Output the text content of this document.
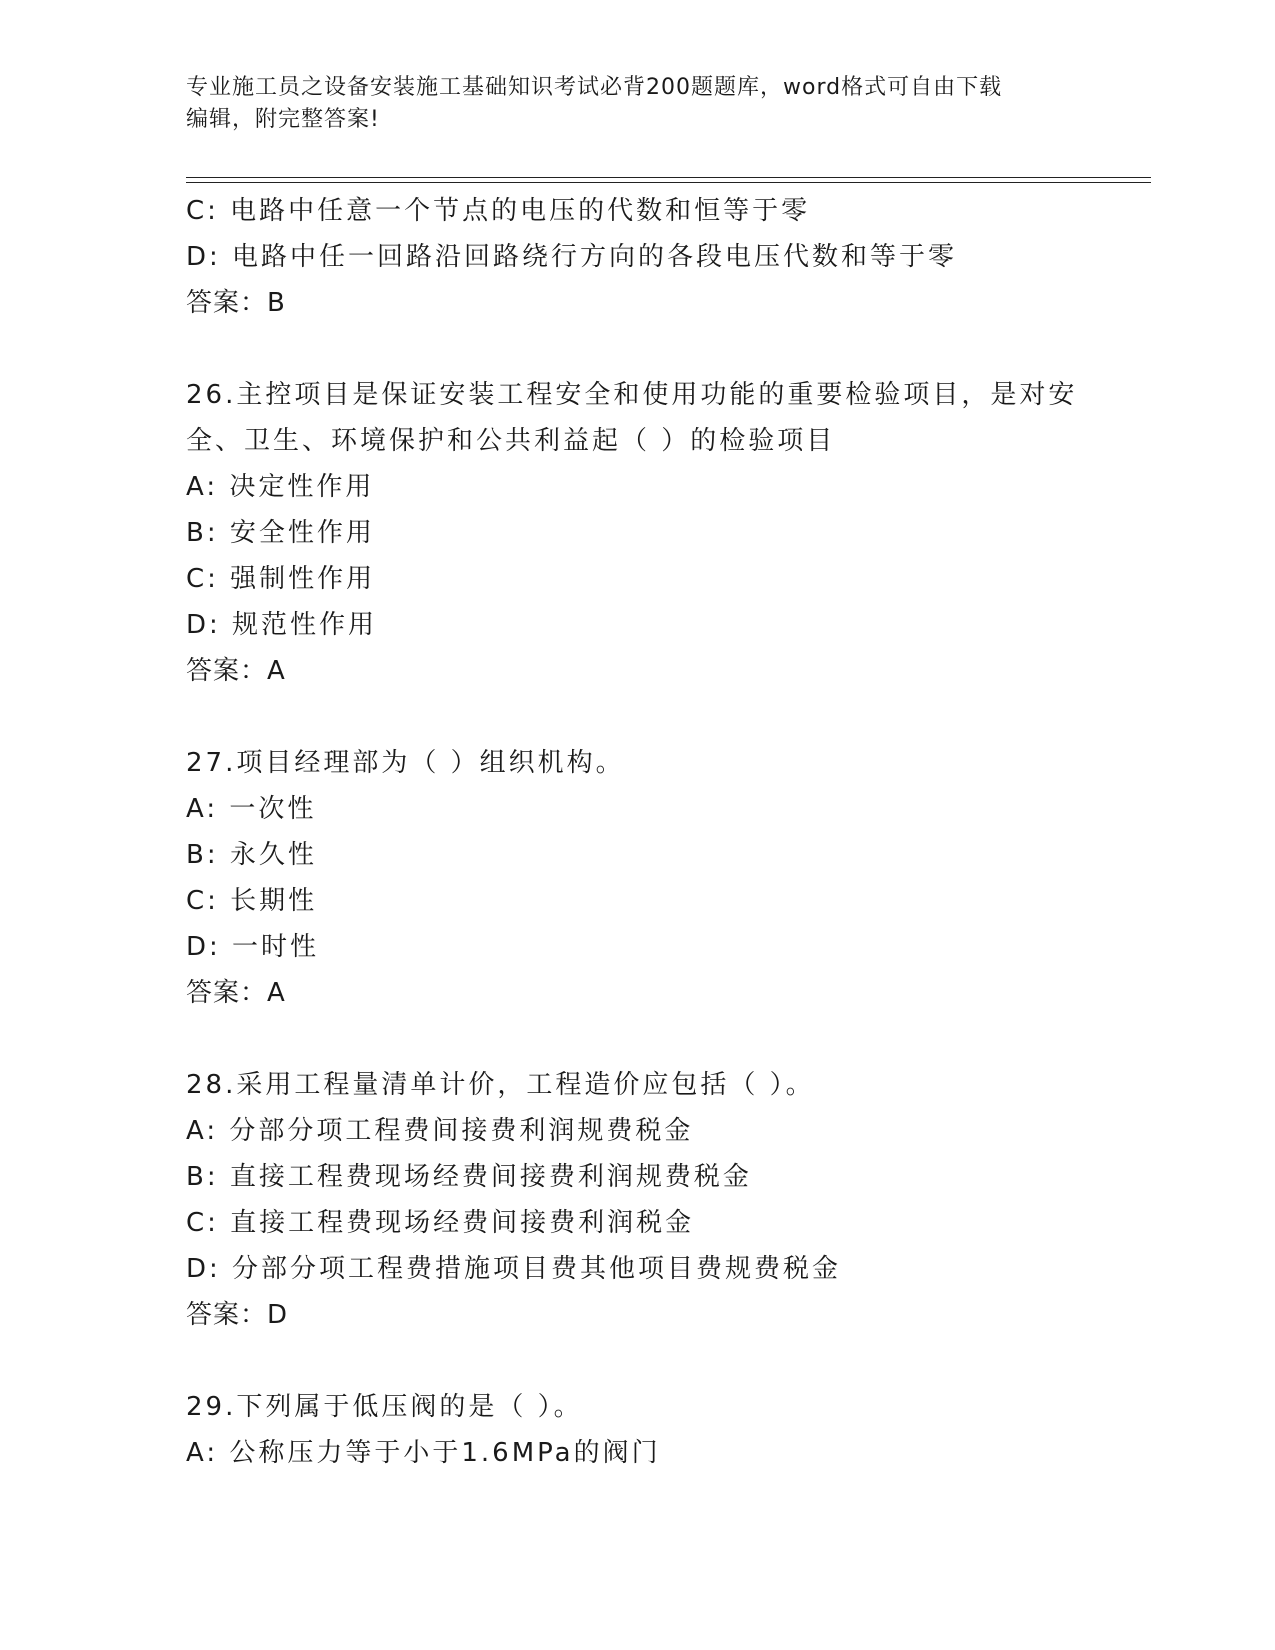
专业施工员之设备安装施工基础知识考试必背200题题库，word格式可自由下载
编辑，附完整答案!
C: 电路中任意一个节点的电压的代数和恒等于零
D: 电路中任一回路沿回路绕行方向的各段电压代数和等于零
答案：B
26.主控项目是保证安装工程安全和使用功能的重要检验项目，是对安
全、卫生、环境保护和公共利益起（ ）的检验项目
A: 决定性作用
B: 安全性作用
C: 强制性作用
D: 规范性作用
答案：A
27.项目经理部为（ ）组织机构。
A: 一次性
B: 永久性
C: 长期性
D: 一时性
答案：A
28.采用工程量清单计价，工程造价应包括（ ）。
A: 分部分项工程费间接费利润规费税金
B: 直接工程费现场经费间接费利润规费税金
C: 直接工程费现场经费间接费利润税金
D: 分部分项工程费措施项目费其他项目费规费税金
答案：D
29.下列属于低压阀的是（ ）。
A: 公称压力等于小于1.6MPa的阀门
